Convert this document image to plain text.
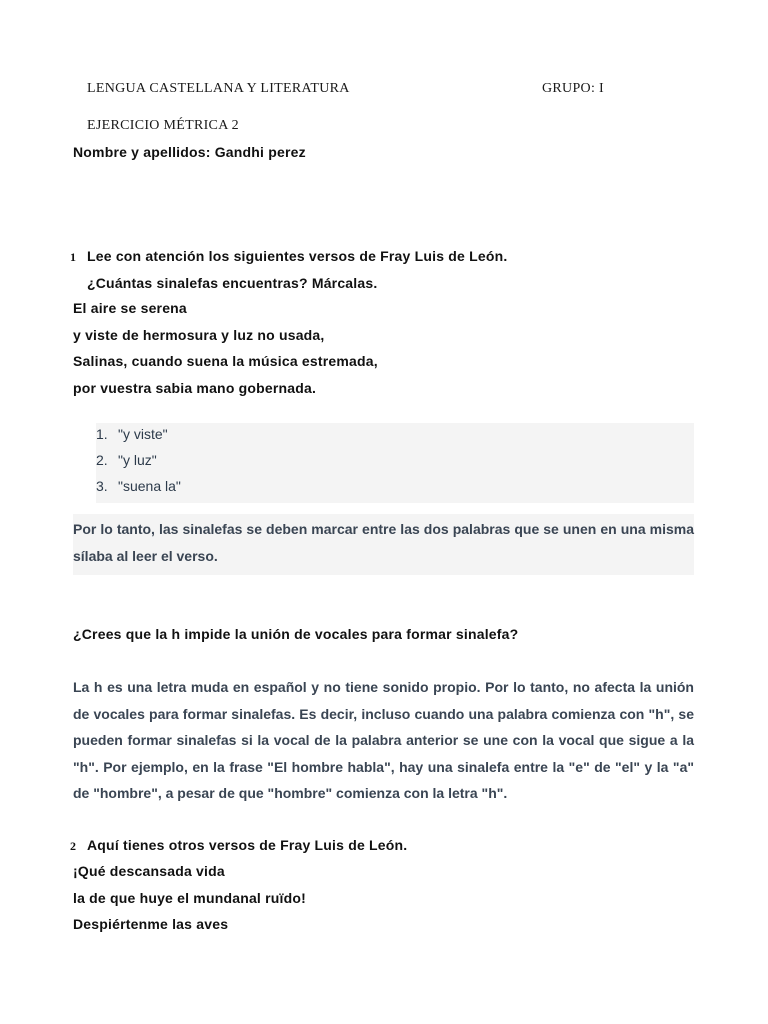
LENGUA CASTELLANA Y LITERATURA	GRUPO: I

EJERCICIO MÉTRICA 2

Nombre y apellidos: Gandhi perez

1 Lee con atención los siguientes versos de Fray Luis de León.

¿Cuántas sinalefas encuentras? Márcalas.

El aire se serena
y viste de hermosura y luz no usada,
Salinas, cuando suena la música estremada,
por vuestra sabia mano gobernada.
1. "y viste"
2. "y luz"
3. "suena la"

Por lo tanto, las sinalefas se deben marcar entre las dos palabras que se unen en una misma sílaba al leer el verso.

¿Crees que la h impide la unión de vocales para formar sinalefa?

La h es una letra muda en español y no tiene sonido propio. Por lo tanto, no afecta la unión de vocales para formar sinalefas. Es decir, incluso cuando una palabra comienza con "h", se pueden formar sinalefas si la vocal de la palabra anterior se une con la vocal que sigue a la "h". Por ejemplo, en la frase "El hombre habla", hay una sinalefa entre la "e" de "el" y la "a" de "hombre", a pesar de que "hombre" comienza con la letra "h".

2 Aquí tienes otros versos de Fray Luis de León.

¡Qué descansada vida
la de que huye el mundanal ruïdo!
Despiértenme las aves
